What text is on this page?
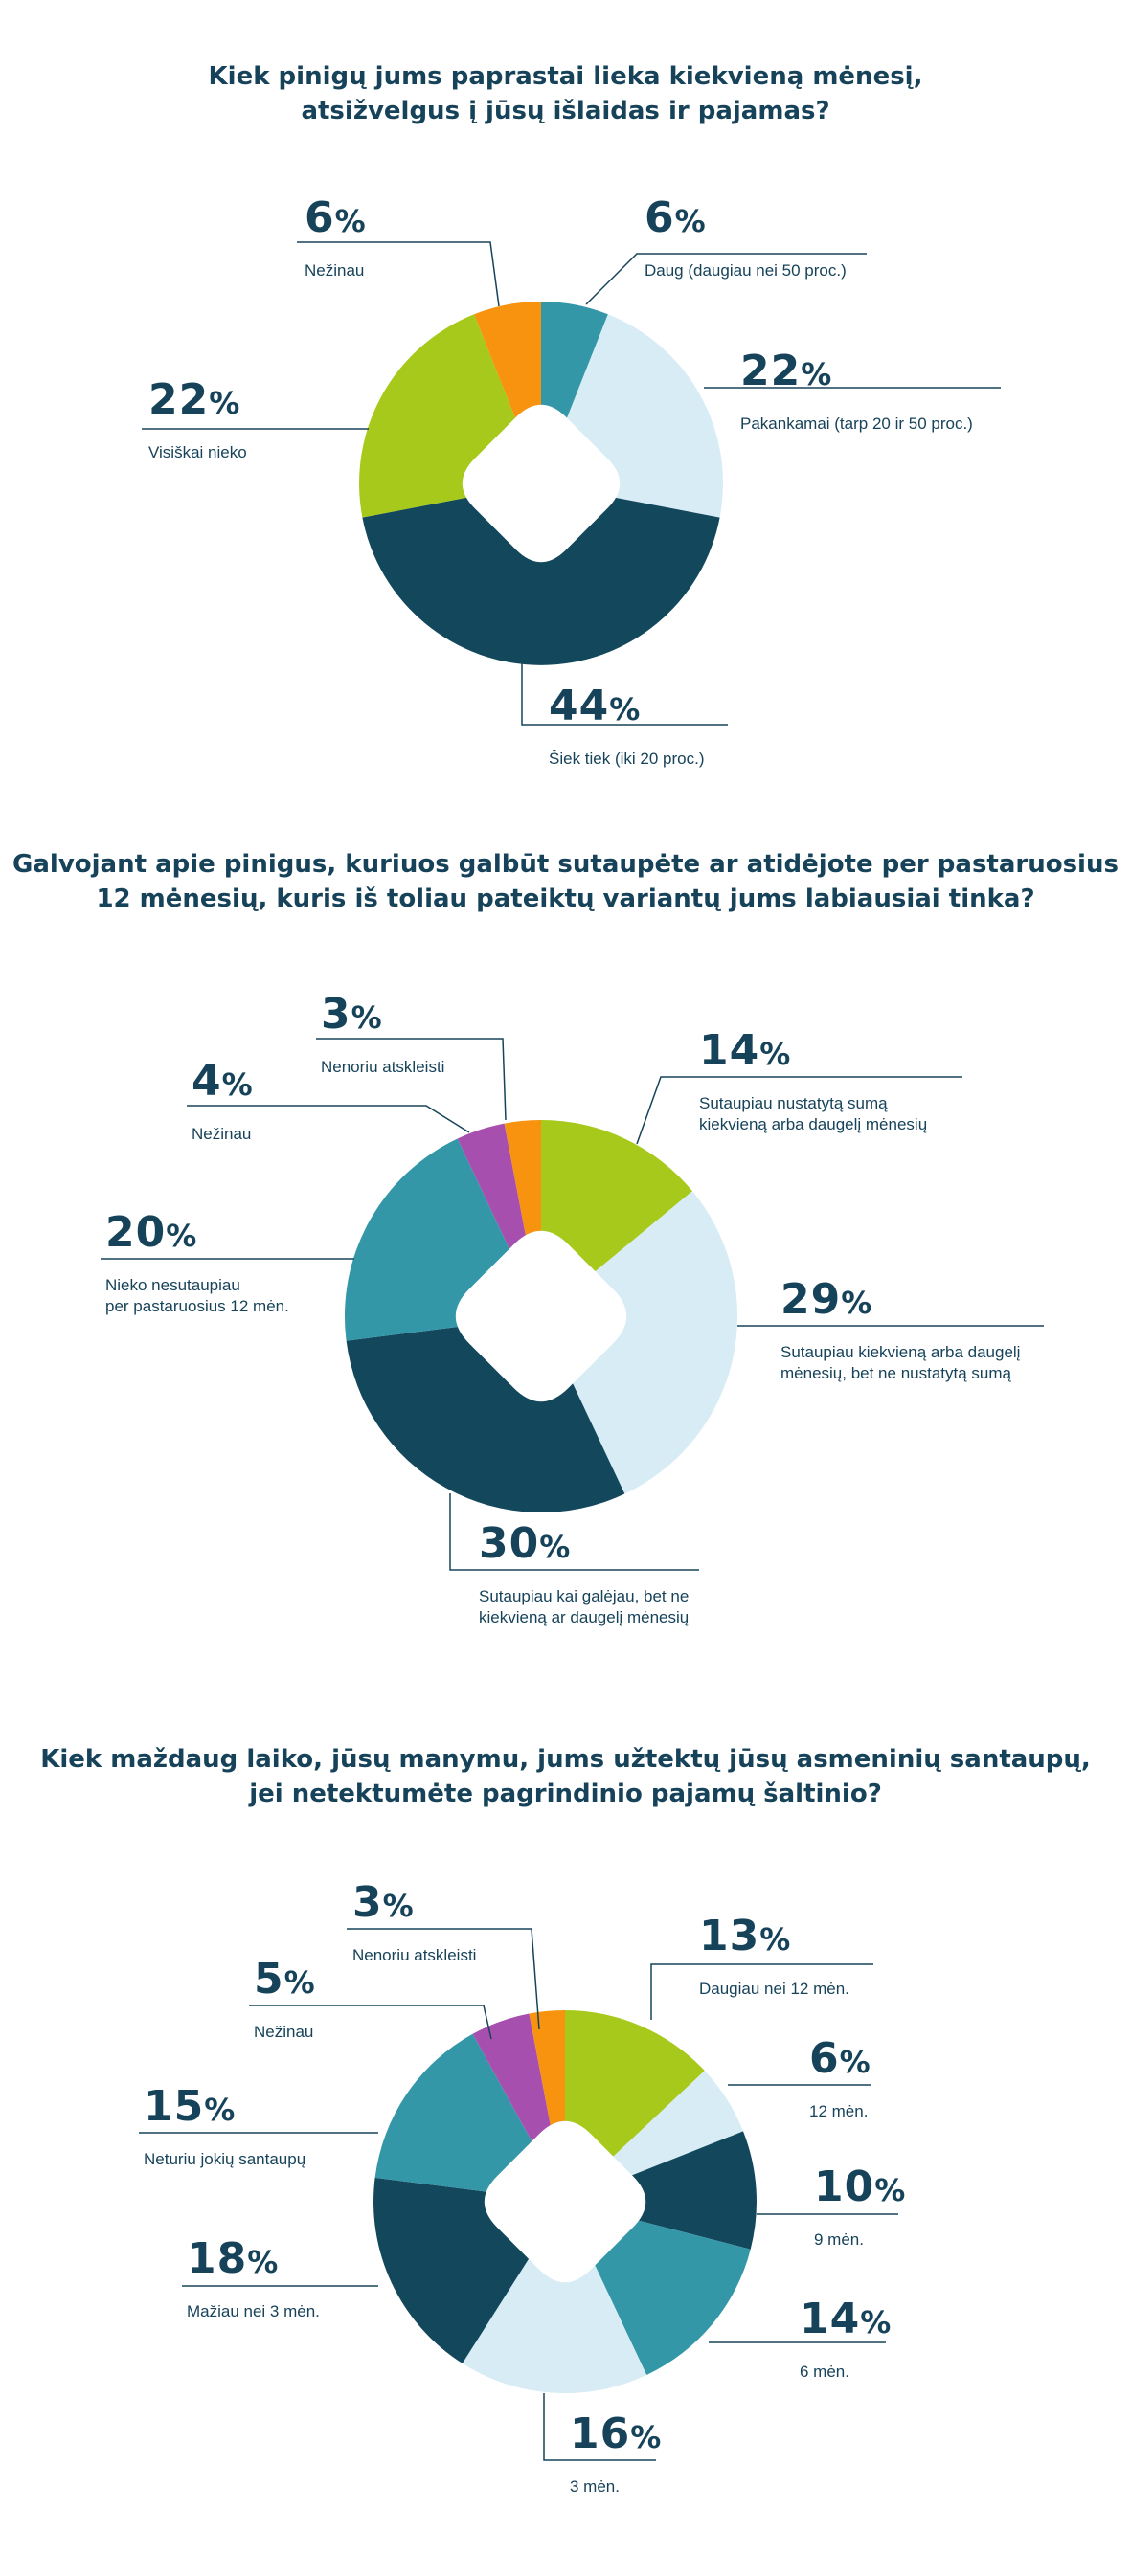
Kiek pinigų jums paprastai lieka kiekvieną mėnesį,
atsižvelgus į jūsų išlaidas ir pajamas?
6%
Daug (daugiau nei 50 proc.)
22%
Pakankamai (tarp 20 ir 50 proc.)
44%
Šiek tiek (iki 20 proc.)
22%
Visiškai nieko
6%
Nežinau
Galvojant apie pinigus, kuriuos galbūt sutaupėte ar atidėjote per pastaruosius
12 mėnesių, kuris iš toliau pateiktų variantų jums labiausiai tinka?
14%
Sutaupiau nustatytą sumą
kiekvieną arba daugelį mėnesių
29%
Sutaupiau kiekvieną arba daugelį
mėnesių, bet ne nustatytą sumą
30%
Sutaupiau kai galėjau, bet ne
kiekvieną ar daugelį mėnesių
20%
Nieko nesutaupiau
per pastaruosius 12 mėn.
4%
Nežinau
3%
Nenoriu atskleisti
Kiek maždaug laiko, jūsų manymu, jums užtektų jūsų asmeninių santaupų,
jei netektumėte pagrindinio pajamų šaltinio?
13%
Daugiau nei 12 mėn.
6%
12 mėn.
10%
9 mėn.
14%
6 mėn.
16%
3 mėn.
18%
Mažiau nei 3 mėn.
15%
Neturiu jokių santaupų
5%
Nežinau
3%
Nenoriu atskleisti
